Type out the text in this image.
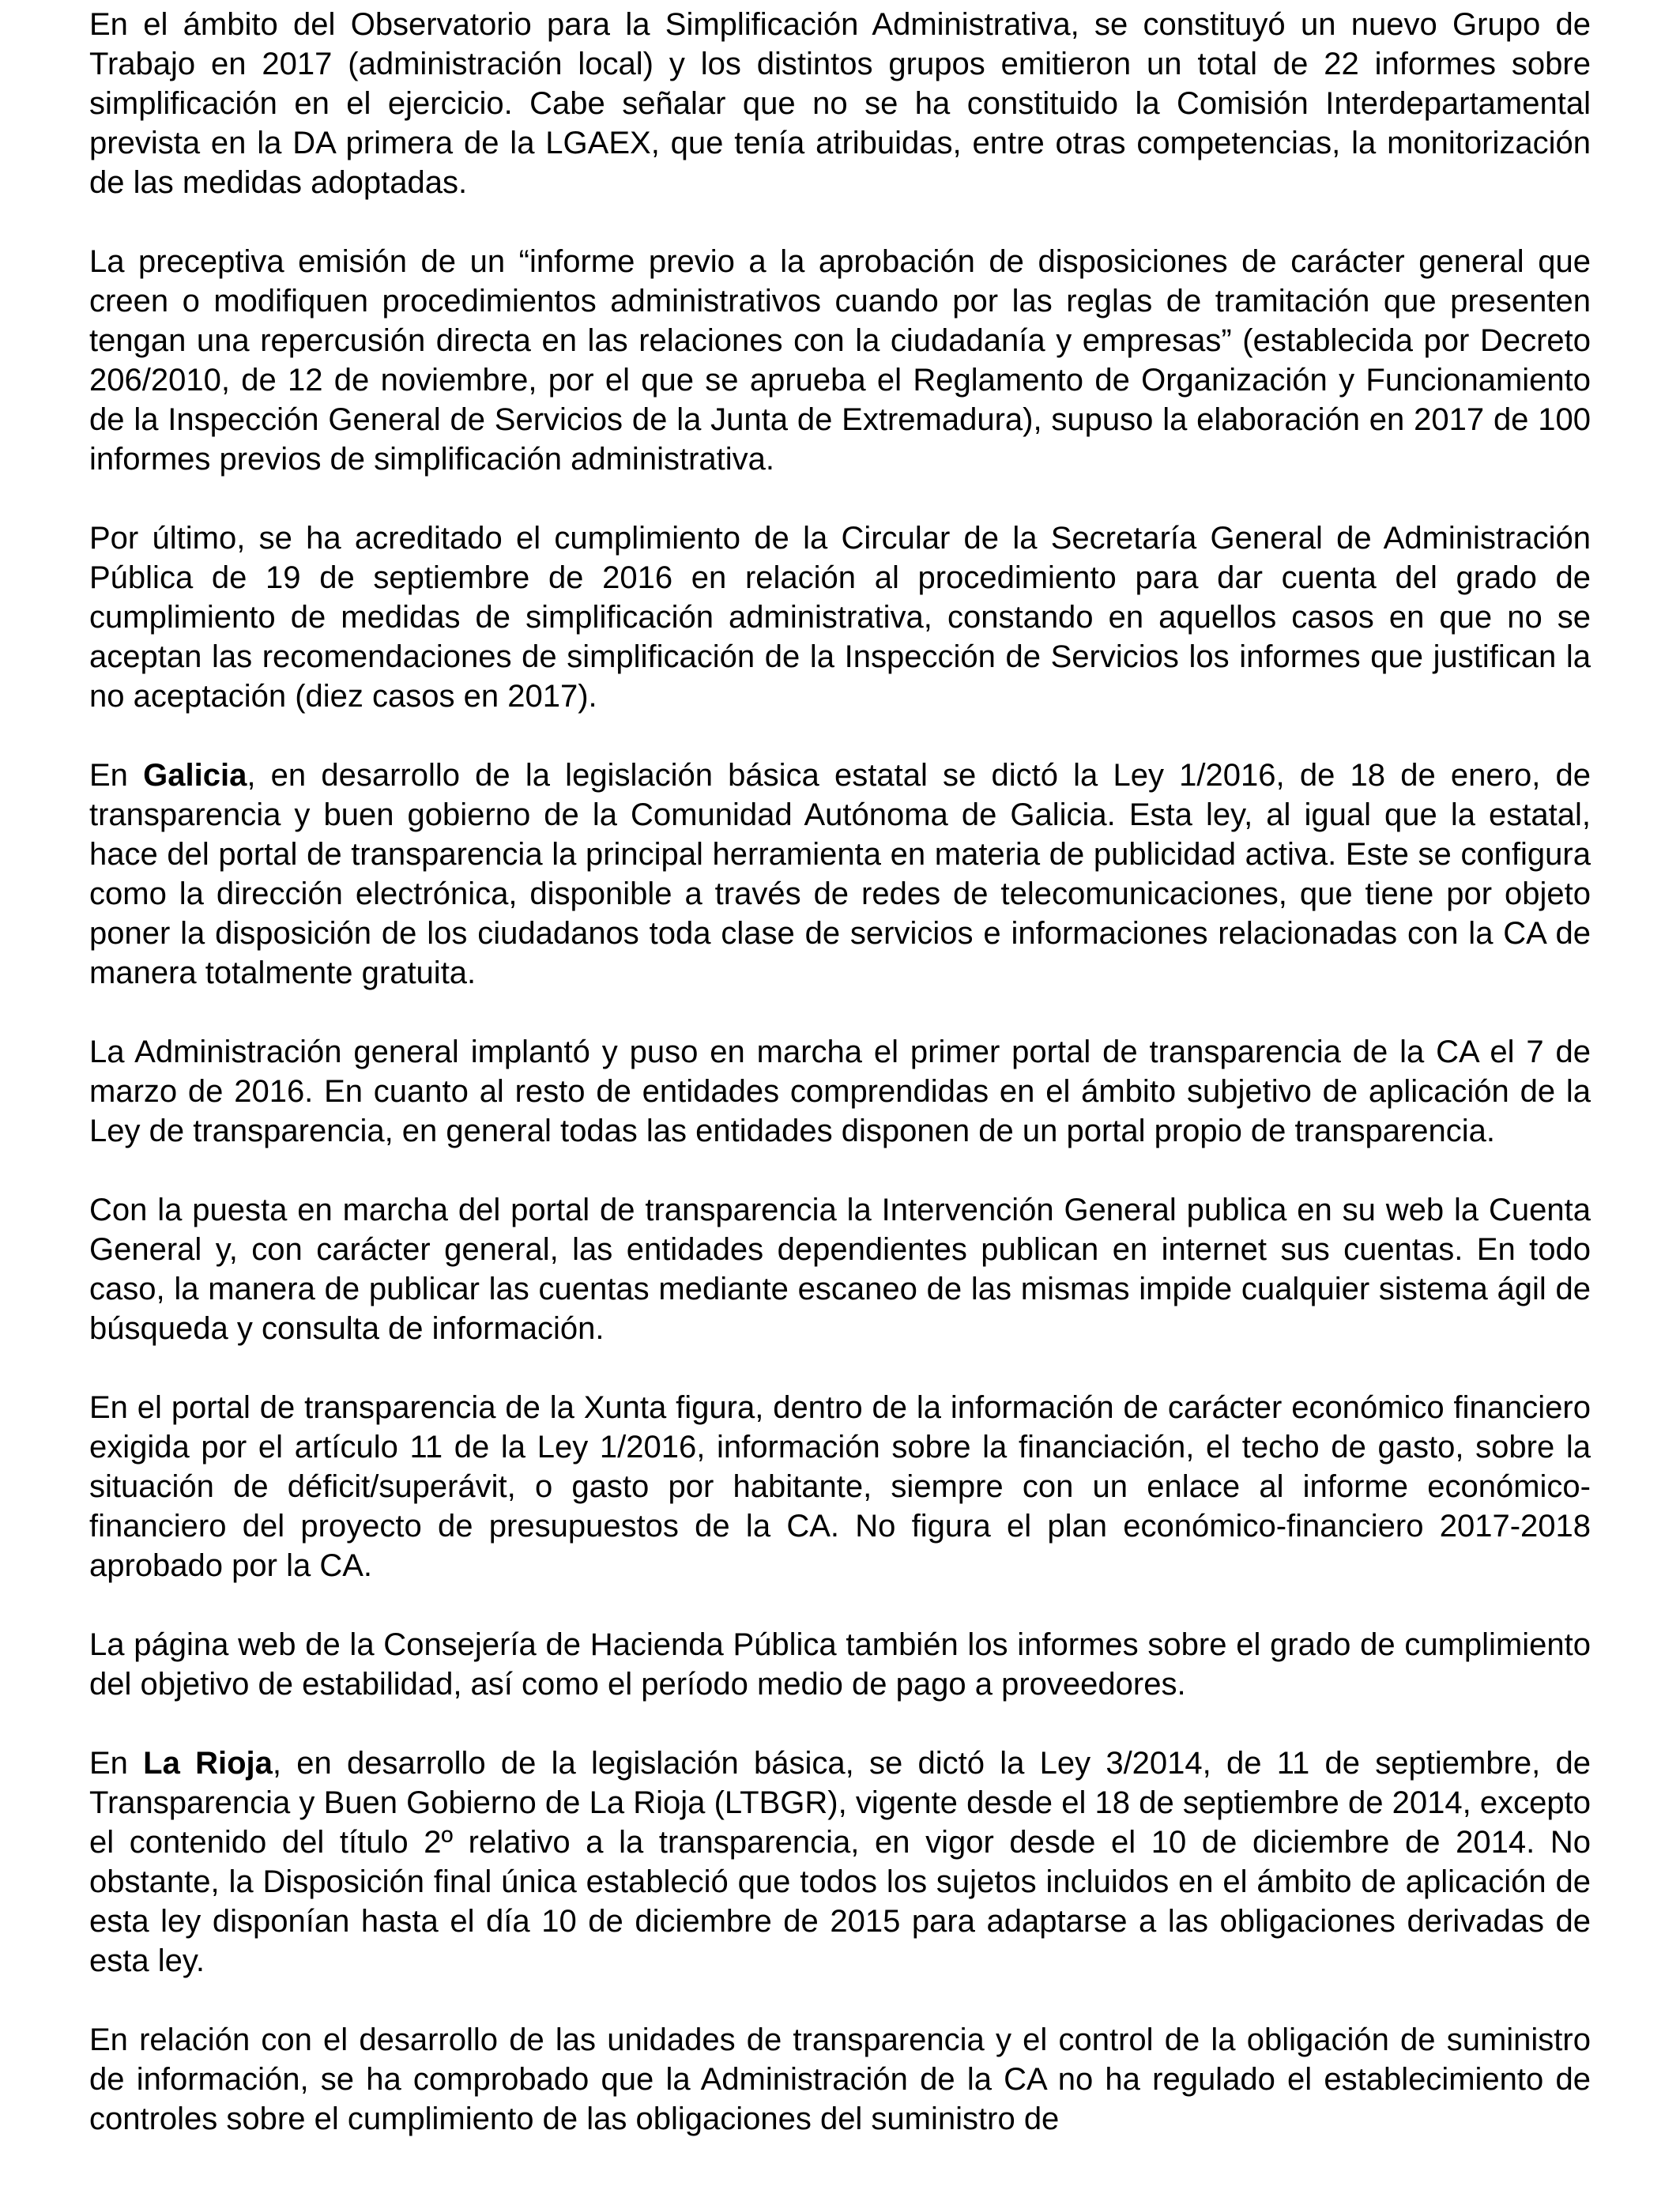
En el ámbito del Observatorio para la Simplificación Administrativa, se constituyó un nuevo Grupo de Trabajo en 2017 (administración local) y los distintos grupos emitieron un total de 22 informes sobre simplificación en el ejercicio. Cabe señalar que no se ha constituido la Comisión Interdepartamental prevista en la DA primera de la LGAEX, que tenía atribuidas, entre otras competencias, la monitorización de las medidas adoptadas.

La preceptiva emisión de un “informe previo a la aprobación de disposiciones de carácter general que creen o modifiquen procedimientos administrativos cuando por las reglas de tramitación que presenten tengan una repercusión directa en las relaciones con la ciudadanía y empresas” (establecida por Decreto 206/2010, de 12 de noviembre, por el que se aprueba el Reglamento de Organización y Funcionamiento de la Inspección General de Servicios de la Junta de Extremadura), supuso la elaboración en 2017 de 100 informes previos de simplificación administrativa.

Por último, se ha acreditado el cumplimiento de la Circular de la Secretaría General de Administración Pública de 19 de septiembre de 2016 en relación al procedimiento para dar cuenta del grado de cumplimiento de medidas de simplificación administrativa, constando en aquellos casos en que no se aceptan las recomendaciones de simplificación de la Inspección de Servicios los informes que justifican la no aceptación (diez casos en 2017).

En Galicia, en desarrollo de la legislación básica estatal se dictó la Ley 1/2016, de 18 de enero, de transparencia y buen gobierno de la Comunidad Autónoma de Galicia. Esta ley, al igual que la estatal, hace del portal de transparencia la principal herramienta en materia de publicidad activa. Este se configura como la dirección electrónica, disponible a través de redes de telecomunicaciones, que tiene por objeto poner la disposición de los ciudadanos toda clase de servicios e informaciones relacionadas con la CA de manera totalmente gratuita.

La Administración general implantó y puso en marcha el primer portal de transparencia de la CA el 7 de marzo de 2016. En cuanto al resto de entidades comprendidas en el ámbito subjetivo de aplicación de la Ley de transparencia, en general todas las entidades disponen de un portal propio de transparencia.

Con la puesta en marcha del portal de transparencia la Intervención General publica en su web la Cuenta General y, con carácter general, las entidades dependientes publican en internet sus cuentas. En todo caso, la manera de publicar las cuentas mediante escaneo de las mismas impide cualquier sistema ágil de búsqueda y consulta de información.

En el portal de transparencia de la Xunta figura, dentro de la información de carácter económico financiero exigida por el artículo 11 de la Ley 1/2016, información sobre la financiación, el techo de gasto, sobre la situación de déficit/superávit, o gasto por habitante, siempre con un enlace al informe económico-financiero del proyecto de presupuestos de la CA. No figura el plan económico-financiero 2017-2018 aprobado por la CA.

La página web de la Consejería de Hacienda Pública también los informes sobre el grado de cumplimiento del objetivo de estabilidad, así como el período medio de pago a proveedores.

En La Rioja, en desarrollo de la legislación básica, se dictó la Ley 3/2014, de 11 de septiembre, de Transparencia y Buen Gobierno de La Rioja (LTBGR), vigente desde el 18 de septiembre de 2014, excepto el contenido del título 2º relativo a la transparencia, en vigor desde el 10 de diciembre de 2014. No obstante, la Disposición final única estableció que todos los sujetos incluidos en el ámbito de aplicación de esta ley disponían hasta el día 10 de diciembre de 2015 para adaptarse a las obligaciones derivadas de esta ley.

En relación con el desarrollo de las unidades de transparencia y el control de la obligación de suministro de información, se ha comprobado que la Administración de la CA no ha regulado el establecimiento de controles sobre el cumplimiento de las obligaciones del suministro de
